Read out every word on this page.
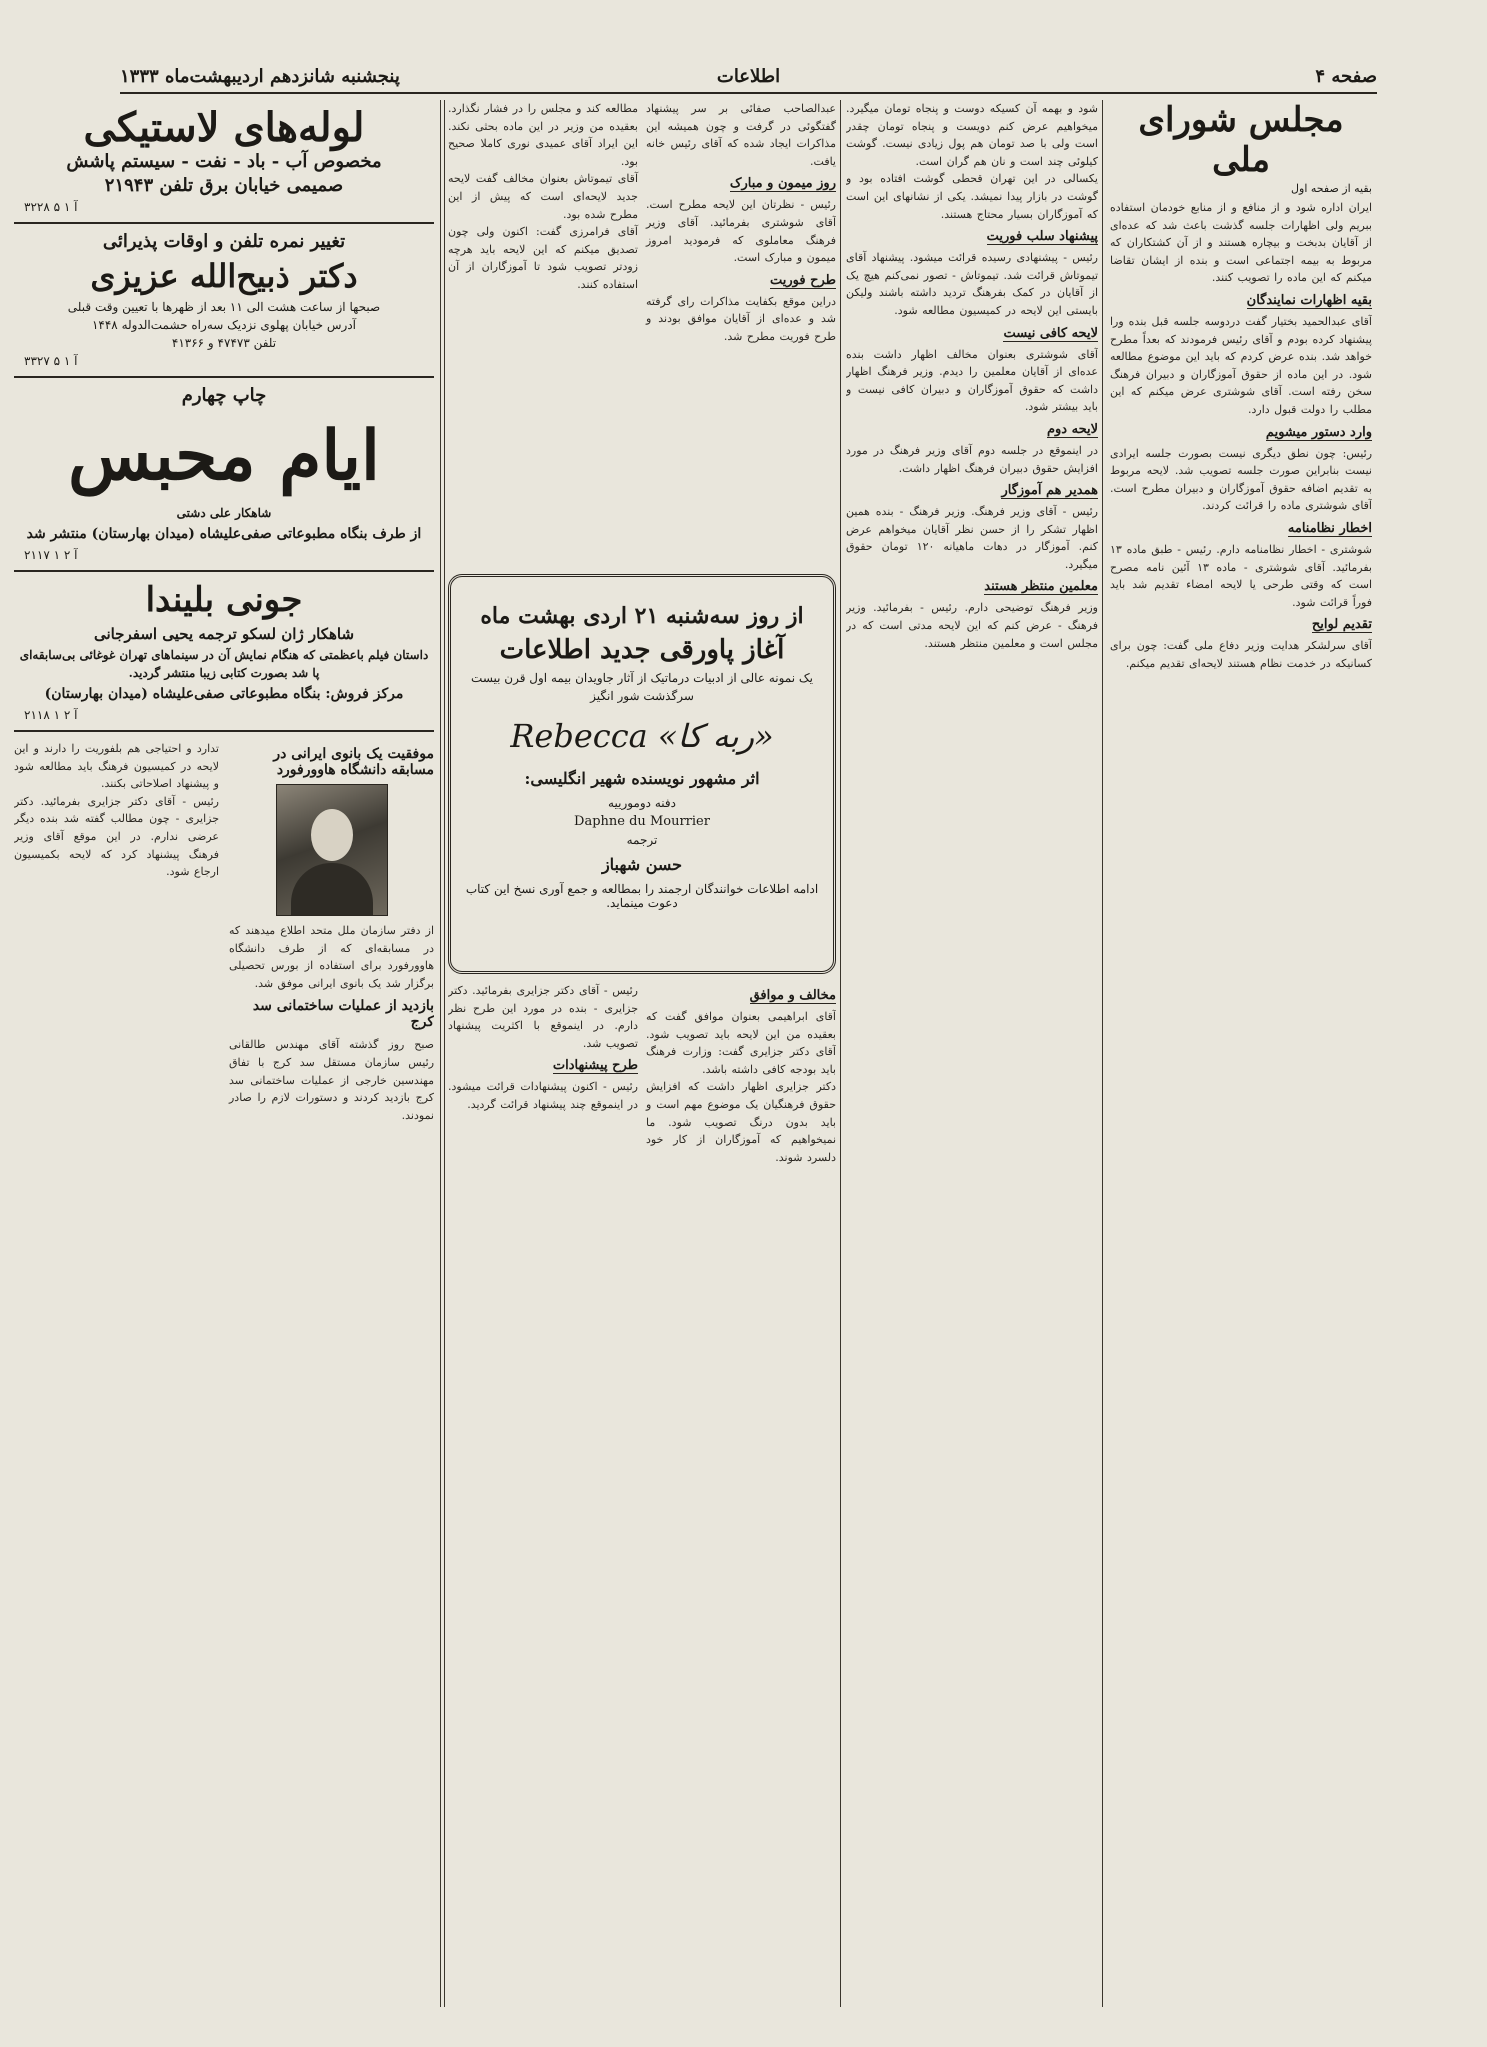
صفحه ۴
اطلاعات
پنجشنبه شانزدهم اردیبهشت‌ماه ۱۳۳۳
مجلس شورای ملی
بقیه از صفحه اول
ایران اداره شود و از منافع و از منابع خودمان استفاده ببریم ولی اظهارات جلسه گذشت باعث شد که عده‌ای از آقایان بدبخت و بیچاره هستند و از آن کشتکاران که مربوط به بیمه اجتماعی است و بنده از ایشان تقاضا میکنم که این ماده را تصویب کنند.
بقیه اظهارات نمایندگان
آقای عبدالحمید بختیار گفت دردوسه جلسه قبل بنده ورا پیشنهاد کرده بودم و آقای رئیس فرمودند که بعداً مطرح خواهد شد. بنده عرض کردم که باید این موضوع مطالعه شود. در این ماده از حقوق آموزگاران و دبیران فرهنگ سخن رفته است. آقای شوشتری عرض میکنم که این مطلب را دولت قبول دارد.
وارد دستور میشویم
رئیس: چون نطق دیگری نیست بصورت جلسه ایرادی نیست بنابراین صورت جلسه تصویب شد. لایحه مربوط به تقدیم اضافه حقوق آموزگاران و دبیران مطرح است. آقای شوشتری ماده را قرائت کردند.
اخطار نظامنامه
شوشتری - اخطار نظامنامه دارم. رئیس - طبق ماده ۱۳ بفرمائید. آقای شوشتری - ماده ۱۳ آئین نامه مصرح است که وقتی طرحی یا لایحه امضاء تقدیم شد باید فوراً قرائت شود.
تقدیم لوایح
آقای سرلشکر هدایت وزیر دفاع ملی گفت: چون برای کسانیکه در خدمت نظام هستند لایحه‌ای تقدیم میکنم.
شود و بهمه آن کسیکه دوست و پنجاه تومان میگیرد. میخواهیم عرض کنم دویست و پنجاه تومان چقدر است ولی با صد تومان هم پول زیادی نیست. گوشت کیلوئی چند است و نان هم گران است.
یکسالی در این تهران قحطی گوشت افتاده بود و گوشت در بازار پیدا نمیشد. یکی از نشانهای این است که آموزگاران بسیار محتاج هستند.
پیشنهاد سلب فوریت
رئیس - پیشنهادی رسیده قرائت میشود. پیشنهاد آقای تیموتاش قرائت شد. تیموتاش - تصور نمی‌کنم هیچ یک از آقایان در کمک بفرهنگ تردید داشته باشند ولیکن بایستی این لایحه در کمیسیون مطالعه شود.
لایحه کافی نیست
آقای شوشتری بعنوان مخالف اظهار داشت بنده عده‌ای از آقایان معلمین را دیدم. وزیر فرهنگ اظهار داشت که حقوق آموزگاران و دبیران کافی نیست و باید بیشتر شود.
لایحه دوم
در اینموقع در جلسه دوم آقای وزیر فرهنگ در مورد افزایش حقوق دبیران فرهنگ اظهار داشت.
همدیر هم آموزگار
رئیس - آقای وزیر فرهنگ. وزیر فرهنگ - بنده همین اظهار تشکر را از حسن نظر آقایان میخواهم عرض کنم. آموزگار در دهات ماهیانه ۱۲۰ تومان حقوق میگیرد.
معلمین منتظر هستند
وزیر فرهنگ توضیحی دارم. رئیس - بفرمائید. وزیر فرهنگ - عرض کنم که این لایحه مدتی است که در مجلس است و معلمین منتظر هستند.
عبدالصاحب صفائی بر سر پیشنهاد گفتگوئی در گرفت و چون همیشه این مذاکرات ایجاد شده که آقای رئیس خانه یافت.
روز میمون و مبارک
رئیس - نظرتان این لایحه مطرح است. آقای شوشتری بفرمائید. آقای وزیر فرهنگ معاملوی که فرمودید امروز میمون و مبارک است.
طرح فوریت
دراین موقع بکفایت مذاکرات رای گرفته شد و عده‌ای از آقایان موافق بودند و طرح فوریت مطرح شد.
مطالعه کند و مجلس را در فشار نگذارد. بعقیده من وزیر در این ماده بحثی نکند. این ایراد آقای عمیدی نوری کاملا صحیح بود.
آقای تیموتاش بعنوان مخالف گفت لایحه جدید لایحه‌ای است که پیش از این مطرح شده بود.
آقای فرامرزی گفت: اکنون ولی چون تصدیق میکنم که این لایحه باید هرچه زودتر تصویب شود تا آموزگاران از آن استفاده کنند.
از روز سه‌شنبه ۲۱ اردی بهشت ماه
آغاز پاورقی جدید اطلاعات
یک نمونه عالی از ادبیات درماتیک از آثار جاویدان بیمه اول قرن بیست
سرگذشت شور انگیز
Rebecca «ربه کا»
اثر مشهور نویسنده شهیر انگلیسی:
دفنه دومورییه
Daphne du Mourrier
ترجمه
حسن شهباز
ادامه اطلاعات خوانندگان ارجمند را بمطالعه و جمع آوری نسخ این کتاب دعوت مینماید.
مخالف و موافق
آقای ابراهیمی بعنوان موافق گفت که بعقیده من این لایحه باید تصویب شود. آقای دکتر جزایری گفت: وزارت فرهنگ باید بودجه کافی داشته باشد.
دکتر جزایری اظهار داشت که افزایش حقوق فرهنگیان یک موضوع مهم است و باید بدون درنگ تصویب شود. ما نمیخواهیم که آموزگاران از کار خود دلسرد شوند.
رئیس - آقای دکتر جزایری بفرمائید. دکتر جزایری - بنده در مورد این طرح نظر دارم. در اینموقع با اکثریت پیشنهاد تصویب شد.
طرح پیشنهادات
رئیس - اکنون پیشنهادات قرائت میشود. در اینموقع چند پیشنهاد قرائت گردید.
لوله‌های لاستیکی
مخصوص آب - باد - نفت - سیستم پاشش
صمیمی خیابان برق تلفن ۲۱۹۴۳
۳۲۲۸ آ ۱ ۵
تغییر نمره تلفن و اوقات پذیرائی
دکتر ذبیح‌الله عزیزی
صبحها از ساعت هشت الی ۱۱ بعد از ظهرها با تعیین وقت قبلی
آدرس خیابان پهلوی نزدیک سه‌راه حشمت‌الدوله ۱۴۴۸
تلفن ۴۷۴۷۳ و ۴۱۳۶۶
۳۳۲۷ آ ۱ ۵
چاپ چهارم
ایام محبس
شاهکار علی دشتی
از طرف بنگاه مطبوعاتی صفی‌علیشاه (میدان بهارستان) منتشر شد
۲۱۱۷ آ ۲ ۱
جونی بلیندا
شاهکار ژان لسکو ترجمه یحیی اسفرجانی
داستان فیلم باعظمتی که هنگام نمایش آن در سینماهای تهران غوغائی بی‌سابقه‌ای پا شد بصورت کتابی زیبا منتشر گردید.
مرکز فروش: بنگاه مطبوعاتی صفی‌علیشاه (میدان بهارستان)
۲۱۱۸ آ ۲ ۱
موفقیت یک بانوی ایرانی در مسابقه دانشگاه هاوورفورد
از دفتر سازمان ملل متحد اطلاع میدهند که در مسابقه‌ای که از طرف دانشگاه هاوورفورد برای استفاده از بورس تحصیلی برگزار شد یک بانوی ایرانی موفق شد.
بازدید از عملیات ساختمانی سد کرج
صبح روز گذشته آقای مهندس طالقانی رئیس سازمان مستقل سد کرج با تفاق مهندسین خارجی از عملیات ساختمانی سد کرج بازدید کردند و دستورات لازم را صادر نمودند.
تدارد و احتیاجی هم بلفوریت را دارند و این لایحه در کمیسیون فرهنگ باید مطالعه شود و پیشنهاد اصلاحاتی بکنند.
رئیس - آقای دکتر جزایری بفرمائید. دکتر جزایری - چون مطالب گفته شد بنده دیگر عرضی ندارم. در این موقع آقای وزیر فرهنگ پیشنهاد کرد که لایحه بکمیسیون ارجاع شود.
